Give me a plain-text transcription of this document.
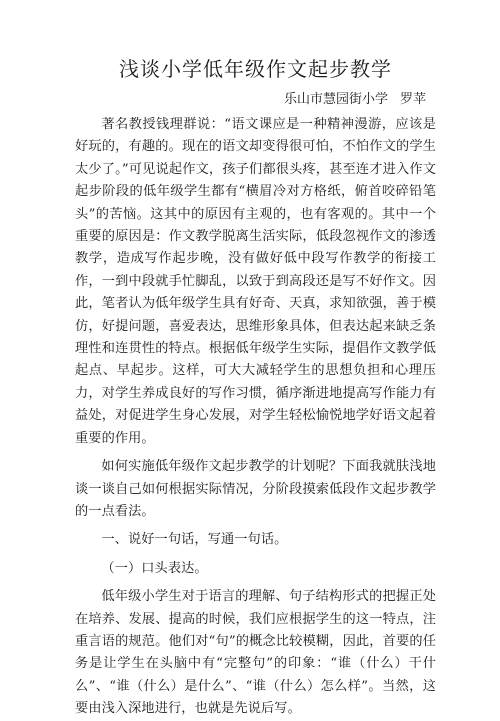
浅谈小学低年级作文起步教学
乐山市慧园街小学 罗苹

著名教授钱理群说：“语文课应是一种精神漫游，应该是好玩的，有趣的。现在的语文却变得很可怕，不怕作文的学生太少了。”可见说起作文，孩子们都很头疼，甚至连才进入作文起步阶段的低年级学生都有“横眉冷对方格纸，俯首咬碎铅笔头”的苦恼。这其中的原因有主观的，也有客观的。其中一个重要的原因是：作文教学脱离生活实际，低段忽视作文的渗透教学，造成写作起步晚，没有做好低中段写作教学的衔接工作，一到中段就手忙脚乱，以致于到高段还是写不好作文。因此，笔者认为低年级学生具有好奇、天真，求知欲强，善于模仿，好提问题，喜爱表达，思维形象具体，但表达起来缺乏条理性和连贯性的特点。根据低年级学生实际，提倡作文教学低起点、早起步。这样，可大大减轻学生的思想负担和心理压力，对学生养成良好的写作习惯，循序渐进地提高写作能力有益处，对促进学生身心发展，对学生轻松愉悦地学好语文起着重要的作用。

如何实施低年级作文起步教学的计划呢？下面我就肤浅地谈一谈自己如何根据实际情况，分阶段摸索低段作文起步教学的一点看法。

一、说好一句话，写通一句话。

（一）口头表达。

低年级小学生对于语言的理解、句子结构形式的把握正处在培养、发展、提高的时候，我们应根据学生的这一特点，注重言语的规范。他们对“句”的概念比较模糊，因此，首要的任务是让学生在头脑中有“完整句”的印象：“谁（什么）干什么”、“谁（什么）是什么”、“谁（什么）怎么样”。当然，这要由浅入深地进行，也就是先说后写。
